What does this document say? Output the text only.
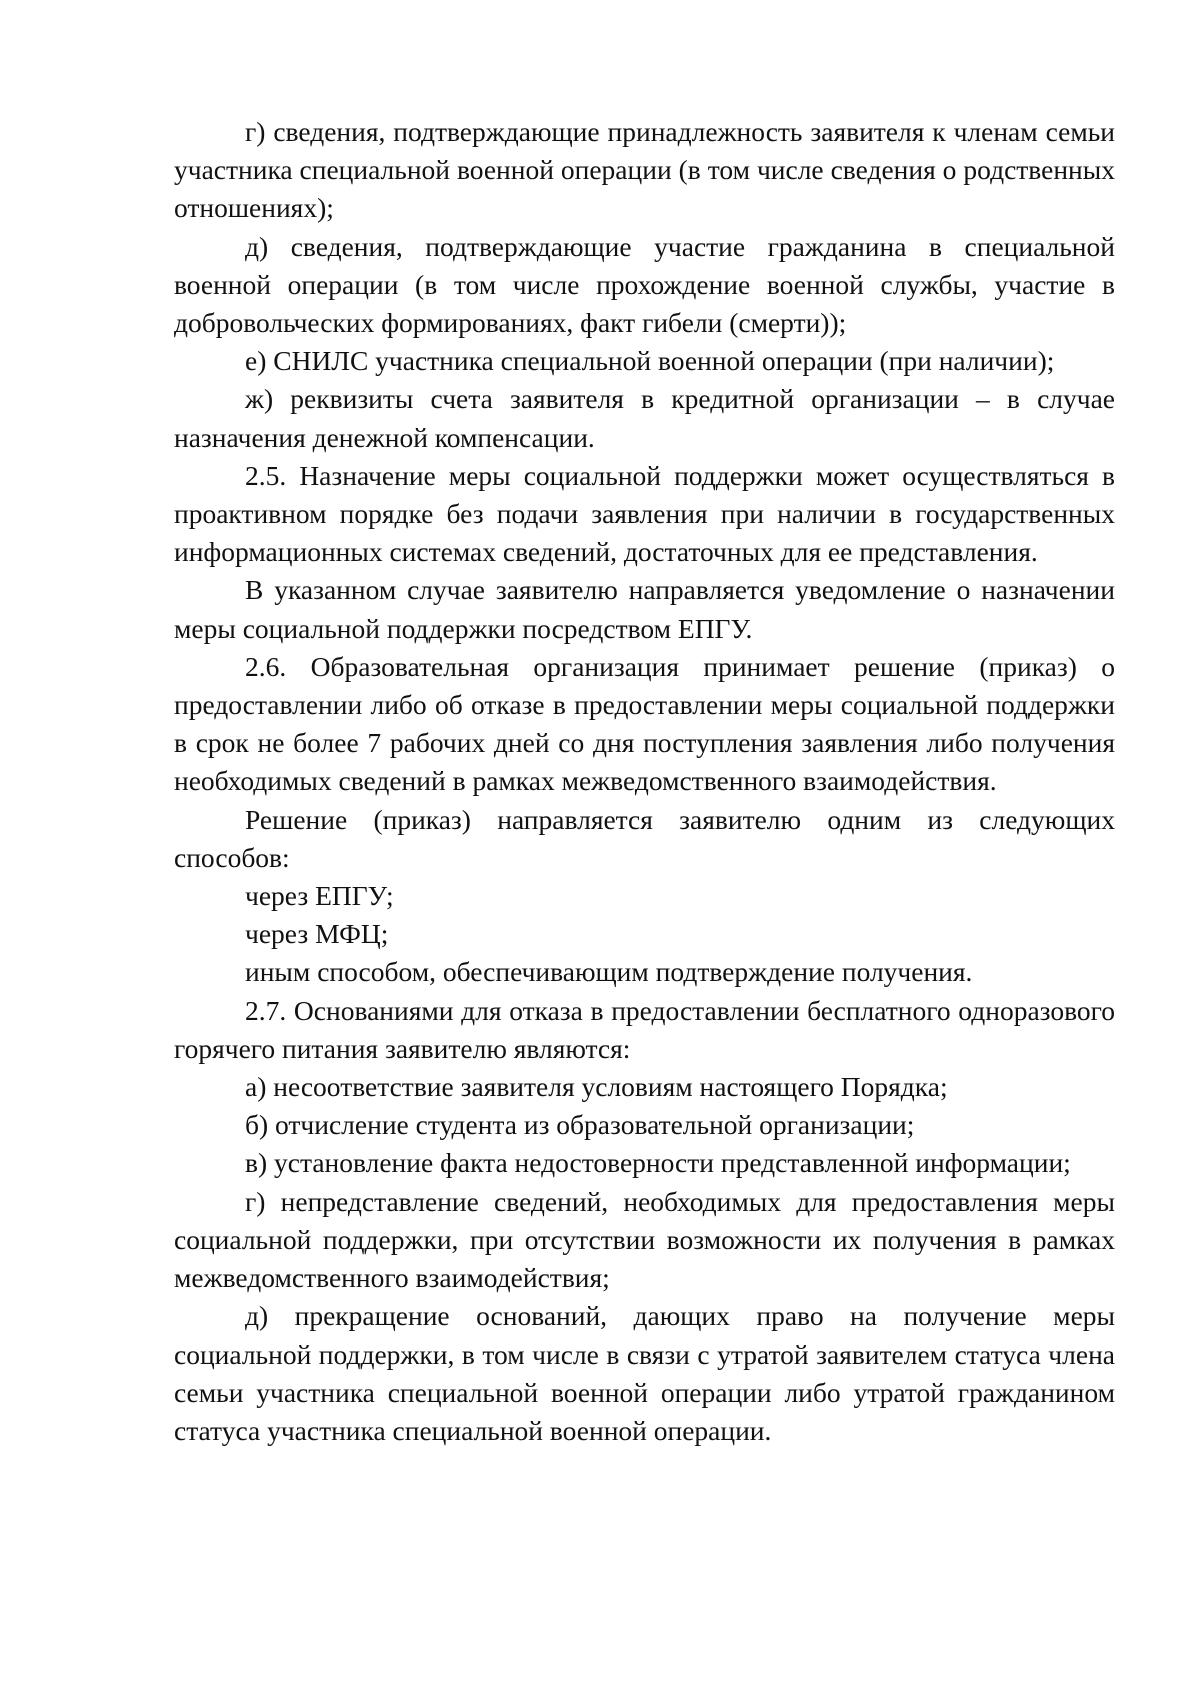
г) сведения, подтверждающие принадлежность заявителя к членам семьи участника специальной военной операции (в том числе сведения о родственных отношениях);

д) сведения, подтверждающие участие гражданина в специальной военной операции (в том числе прохождение военной службы, участие в добровольческих формированиях, факт гибели (смерти));

е) СНИЛС участника специальной военной операции (при наличии);

ж) реквизиты счета заявителя в кредитной организации – в случае назначения денежной компенсации.

2.5. Назначение меры социальной поддержки может осуществляться в проактивном порядке без подачи заявления при наличии в государственных информационных системах сведений, достаточных для ее представления.

В указанном случае заявителю направляется уведомление о назначении меры социальной поддержки посредством ЕПГУ.

2.6. Образовательная организация принимает решение (приказ) о предоставлении либо об отказе в предоставлении меры социальной поддержки в срок не более 7 рабочих дней со дня поступления заявления либо получения необходимых сведений в рамках межведомственного взаимодействия.

Решение (приказ) направляется заявителю одним из следующих способов:

через ЕПГУ;

через МФЦ;

иным способом, обеспечивающим подтверждение получения.

2.7. Основаниями для отказа в предоставлении бесплатного одноразового горячего питания заявителю являются:

а) несоответствие заявителя условиям настоящего Порядка;

б) отчисление студента из образовательной организации;

в) установление факта недостоверности представленной информации;

г) непредставление сведений, необходимых для предоставления меры социальной поддержки, при отсутствии возможности их получения в рамках межведомственного взаимодействия;

д) прекращение оснований, дающих право на получение меры социальной поддержки, в том числе в связи с утратой заявителем статуса члена семьи участника специальной военной операции либо утратой гражданином статуса участника специальной военной операции.
